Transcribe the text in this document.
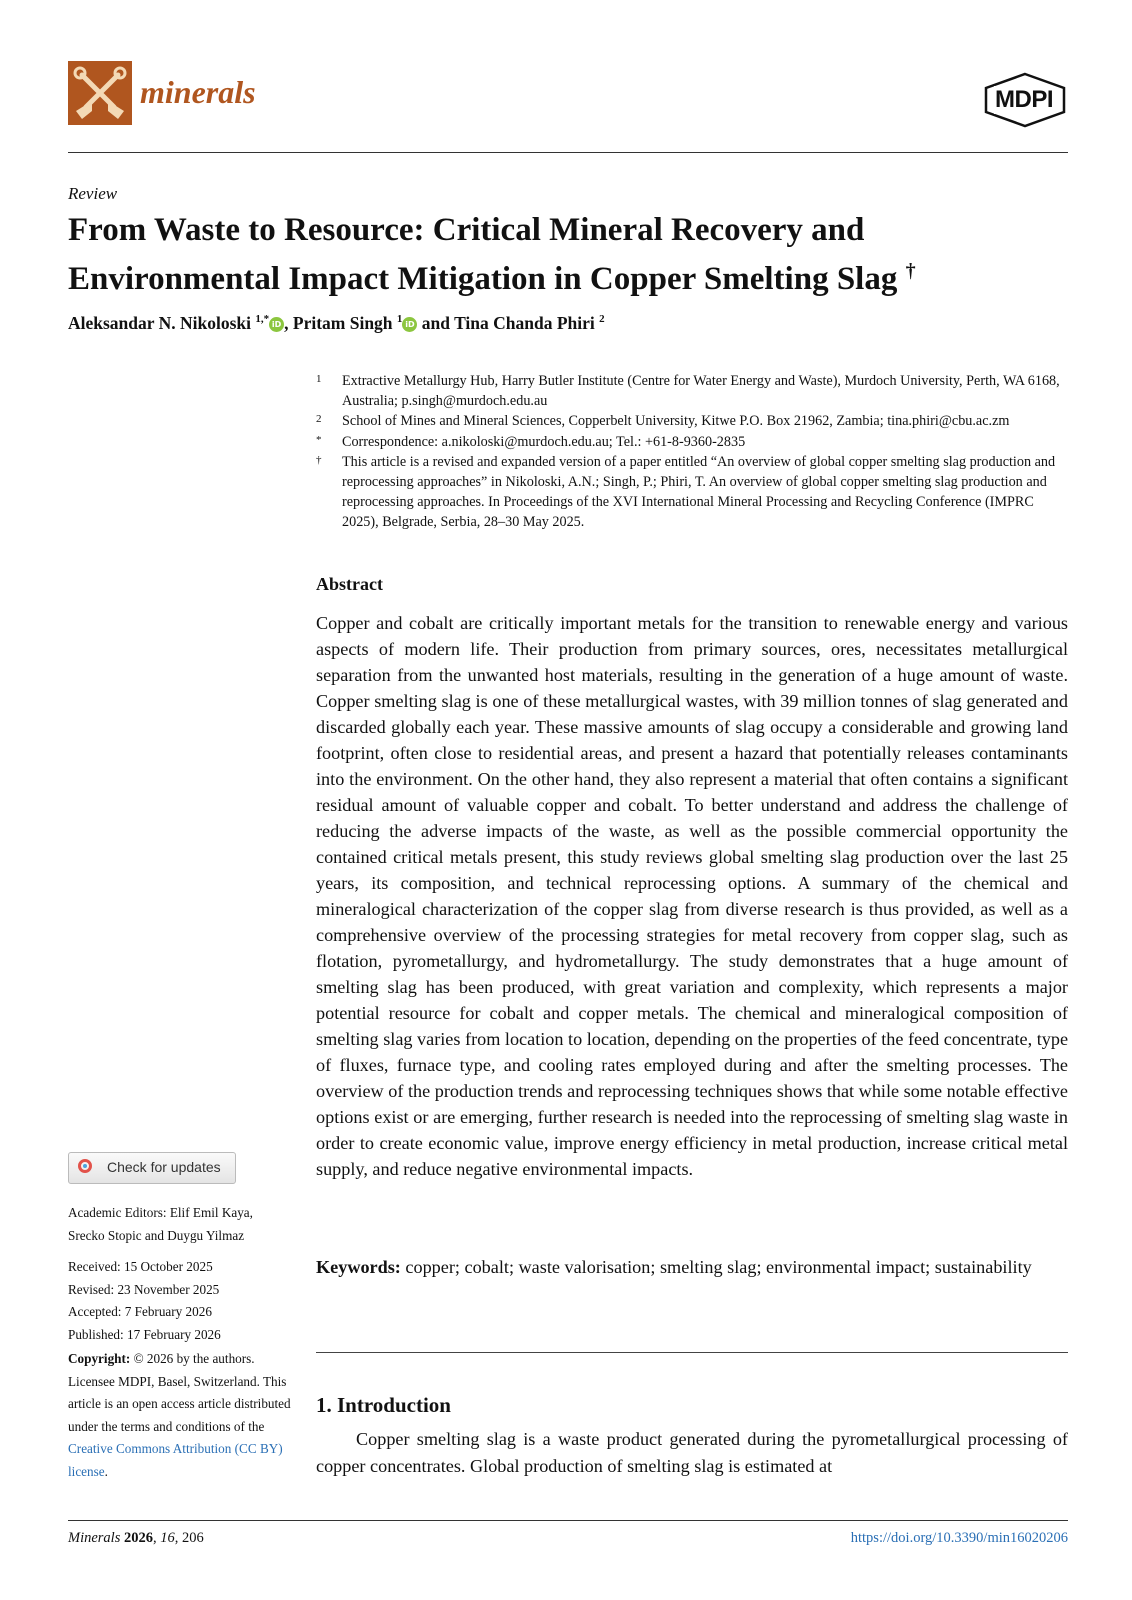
minerals	MDPI
Review
From Waste to Resource: Critical Mineral Recovery and Environmental Impact Mitigation in Copper Smelting Slag †
Aleksandar N. Nikoloski $^{1,*}$ iD , Pritam Singh $^1$ iD and Tina Chanda Phiri $^2$
1 Extractive Metallurgy Hub, Harry Butler Institute (Centre for Water Energy and Waste), Murdoch University, Perth, WA 6168, Australia; p.singh@murdoch.edu.au
2 School of Mines and Mineral Sciences, Copperbelt University, Kitwe P.O. Box 21962, Zambia; tina.phiri@cbu.ac.zm
* Correspondence: a.nikoloski@murdoch.edu.au; Tel.: +61-8-9360-2835
† This article is a revised and expanded version of a paper entitled “An overview of global copper smelting slag production and reprocessing approaches” in Nikoloski, A.N.; Singh, P.; Phiri, T. An overview of global copper smelting slag production and reprocessing approaches. In Proceedings of the XVI International Mineral Processing and Recycling Conference (IMPRC 2025), Belgrade, Serbia, 28–30 May 2025.
Abstract
Copper and cobalt are critically important metals for the transition to renewable energy and various aspects of modern life. Their production from primary sources, ores, necessitates metallurgical separation from the unwanted host materials, resulting in the generation of a huge amount of waste. Copper smelting slag is one of these metallurgical wastes, with 39 million tonnes of slag generated and discarded globally each year. These massive amounts of slag occupy a considerable and growing land footprint, often close to residential areas, and present a hazard that potentially releases contaminants into the environment. On the other hand, they also represent a material that often contains a significant residual amount of valuable copper and cobalt. To better understand and address the challenge of reducing the adverse impacts of the waste, as well as the possible commercial opportunity the contained critical metals present, this study reviews global smelting slag production over the last 25 years, its composition, and technical reprocessing options. A summary of the chemical and mineralogical characterization of the copper slag from diverse research is thus provided, as well as a comprehensive overview of the processing strategies for metal recovery from copper slag, such as flotation, pyrometallurgy, and hydrometallurgy. The study demonstrates that a huge amount of smelting slag has been produced, with great variation and complexity, which represents a major potential resource for cobalt and copper metals. The chemical and mineralogical composition of smelting slag varies from location to location, depending on the properties of the feed concentrate, type of fluxes, furnace type, and cooling rates employed during and after the smelting processes. The overview of the production trends and reprocessing techniques shows that while some notable effective options exist or are emerging, further research is needed into the reprocessing of smelting slag waste in order to create economic value, improve energy efficiency in metal production, increase critical metal supply, and reduce negative environmental impacts.
Keywords: copper; cobalt; waste valorisation; smelting slag; environmental impact; sustainability
1. Introduction
Copper smelting slag is a waste product generated during the pyrometallurgical processing of copper concentrates. Global production of smelting slag is estimated at
Check for updates
Academic Editors: Elif Emil Kaya, Srecko Stopic and Duygu Yilmaz
Received: 15 October 2025
Revised: 23 November 2025
Accepted: 7 February 2026
Published: 17 February 2026
Copyright: © 2026 by the authors. Licensee MDPI, Basel, Switzerland. This article is an open access article distributed under the terms and conditions of the Creative Commons Attribution (CC BY) license.
Minerals 2026, 16, 206	https://doi.org/10.3390/min16020206
